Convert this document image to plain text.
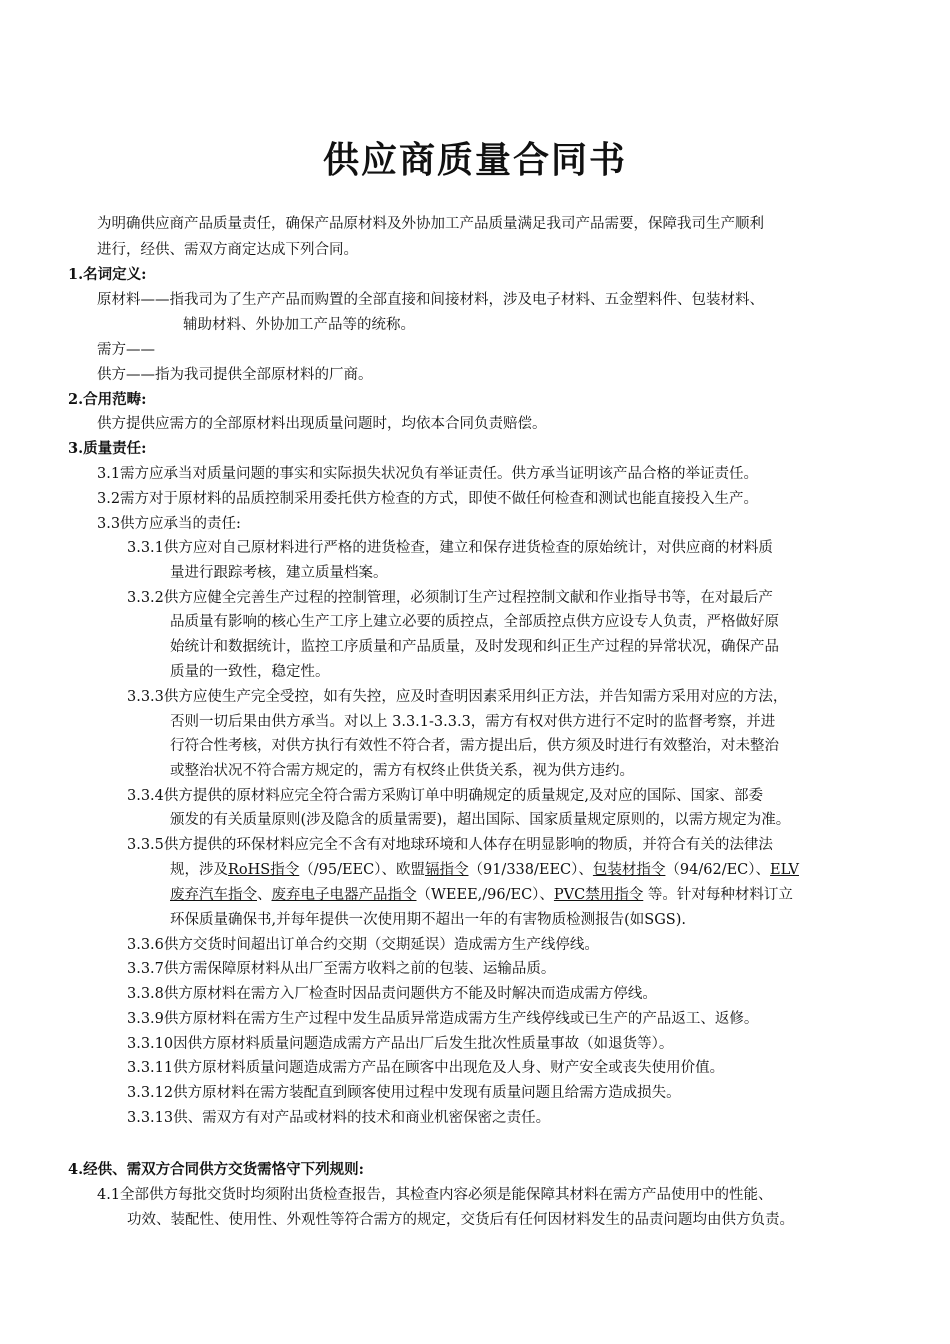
供应商质量合同书
为明确供应商产品质量责任，确保产品原材料及外协加工产品质量满足我司产品需要，保障我司生产顺利
进行，经供、需双方商定达成下列合同。
1.名词定义:
原材料——指我司为了生产产品而购置的全部直接和间接材料，涉及电子材料、五金塑料件、包装材料、
辅助材料、外协加工产品等的统称。
需方——
供方——指为我司提供全部原材料的厂商。
2.合用范畴:
供方提供应需方的全部原材料出现质量问题时，均依本合同负责赔偿。
3.质量责任:
3.1需方应承当对质量问题的事实和实际损失状况负有举证责任。供方承当证明该产品合格的举证责任。
3.2需方对于原材料的品质控制采用委托供方检查的方式，即使不做任何检查和测试也能直接投入生产。
3.3供方应承当的责任:
3.3.1供方应对自己原材料进行严格的进货检查，建立和保存进货检查的原始统计，对供应商的材料质
量进行跟踪考核，建立质量档案。
3.3.2供方应健全完善生产过程的控制管理，必须制订生产过程控制文献和作业指导书等，在对最后产
品质量有影响的核心生产工序上建立必要的质控点，全部质控点供方应设专人负责，严格做好原
始统计和数据统计，监控工序质量和产品质量，及时发现和纠正生产过程的异常状况，确保产品
质量的一致性，稳定性。
3.3.3供方应使生产完全受控，如有失控，应及时查明因素采用纠正方法，并告知需方采用对应的方法，
否则一切后果由供方承当。对以上 3.3.1-3.3.3，需方有权对供方进行不定时的监督考察，并进
行符合性考核，对供方执行有效性不符合者，需方提出后，供方须及时进行有效整治，对未整治
或整治状况不符合需方规定的，需方有权终止供货关系，视为供方违约。
3.3.4供方提供的原材料应完全符合需方采购订单中明确规定的质量规定,及对应的国际、国家、部委
颁发的有关质量原则(涉及隐含的质量需要)，超出国际、国家质量规定原则的，以需方规定为准。
3.3.5供方提供的环保材料应完全不含有对地球环境和人体存在明显影响的物质，并符合有关的法律法
规，涉及RoHS指令（/95/EEC）、欧盟镉指令（91/338/EEC）、包装材指令（94/62/EC）、ELV
废弃汽车指令、废弃电子电器产品指令（WEEE,/96/EC）、PVC禁用指令 等。针对每种材料订立
环保质量确保书,并每年提供一次使用期不超出一年的有害物质检测报告(如SGS).
3.3.6供方交货时间超出订单合约交期（交期延误）造成需方生产线停线。
3.3.7供方需保障原材料从出厂至需方收料之前的包装、运输品质。
3.3.8供方原材料在需方入厂检查时因品责问题供方不能及时解决而造成需方停线。
3.3.9供方原材料在需方生产过程中发生品质异常造成需方生产线停线或已生产的产品返工、返修。
3.3.10因供方原材料质量问题造成需方产品出厂后发生批次性质量事故（如退货等）。
3.3.11供方原材料质量问题造成需方产品在顾客中出现危及人身、财产安全或丧失使用价值。
3.3.12供方原材料在需方装配直到顾客使用过程中发现有质量问题且给需方造成损失。
3.3.13供、需双方有对产品或材料的技术和商业机密保密之责任。
4.经供、需双方合同供方交货需恪守下列规则:
4.1全部供方每批交货时均须附出货检查报告，其检查内容必须是能保障其材料在需方产品使用中的性能、
功效、装配性、使用性、外观性等符合需方的规定，交货后有任何因材料发生的品责问题均由供方负责。
